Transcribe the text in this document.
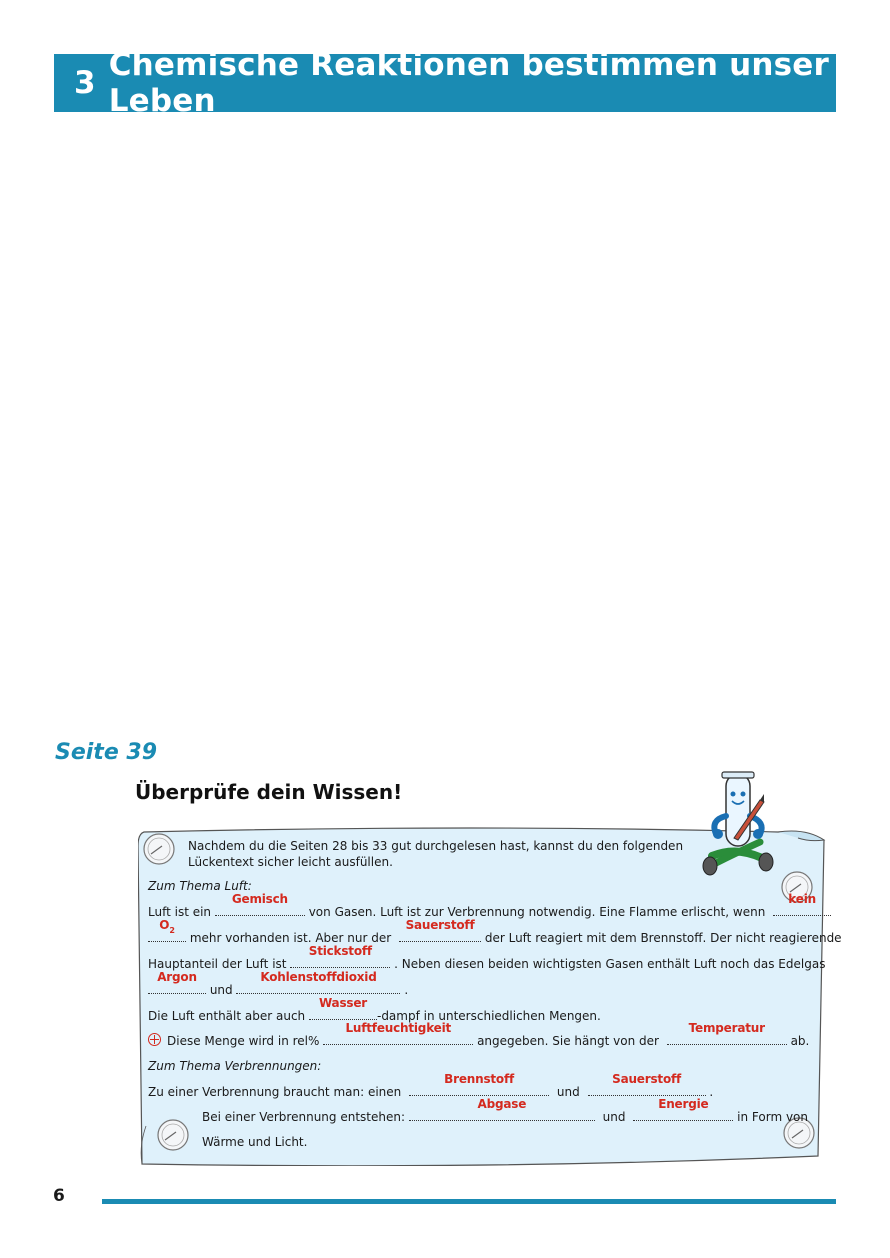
3 Chemische Reaktionen bestimmen unser Leben
Seite 39
Überprüfe dein Wissen!
Nachdem du die Seiten 28 bis 33 gut durchgelesen hast, kannst du den folgenden
Lückentext sicher leicht ausfüllen.
Zum Thema Luft:
Luft ist ein
Gemisch
von Gasen. Luft ist zur Verbrennung notwendig. Eine Flamme erlischt, wenn
kein
$O_2$
mehr vorhanden ist. Aber nur der
Sauerstoff
der Luft reagiert mit dem Brennstoff. Der nicht reagierende
Hauptanteil der Luft ist
Stickstoff
. Neben diesen beiden wichtigsten Gasen enthält Luft noch das Edelgas
Argon
und
Kohlenstoffdioxid
.
Die Luft enthält aber auch
Wasser
-dampf in unterschiedlichen Mengen.
Diese Menge wird in rel%
Luftfeuchtigkeit
angegeben. Sie hängt von der
Temperatur
ab.
Zum Thema Verbrennungen:
Zu einer Verbrennung braucht man: einen
Brennstoff
und
Sauerstoff
.
Bei einer Verbrennung entstehen:
Abgase
und
Energie
in Form von
Wärme und Licht.
6
